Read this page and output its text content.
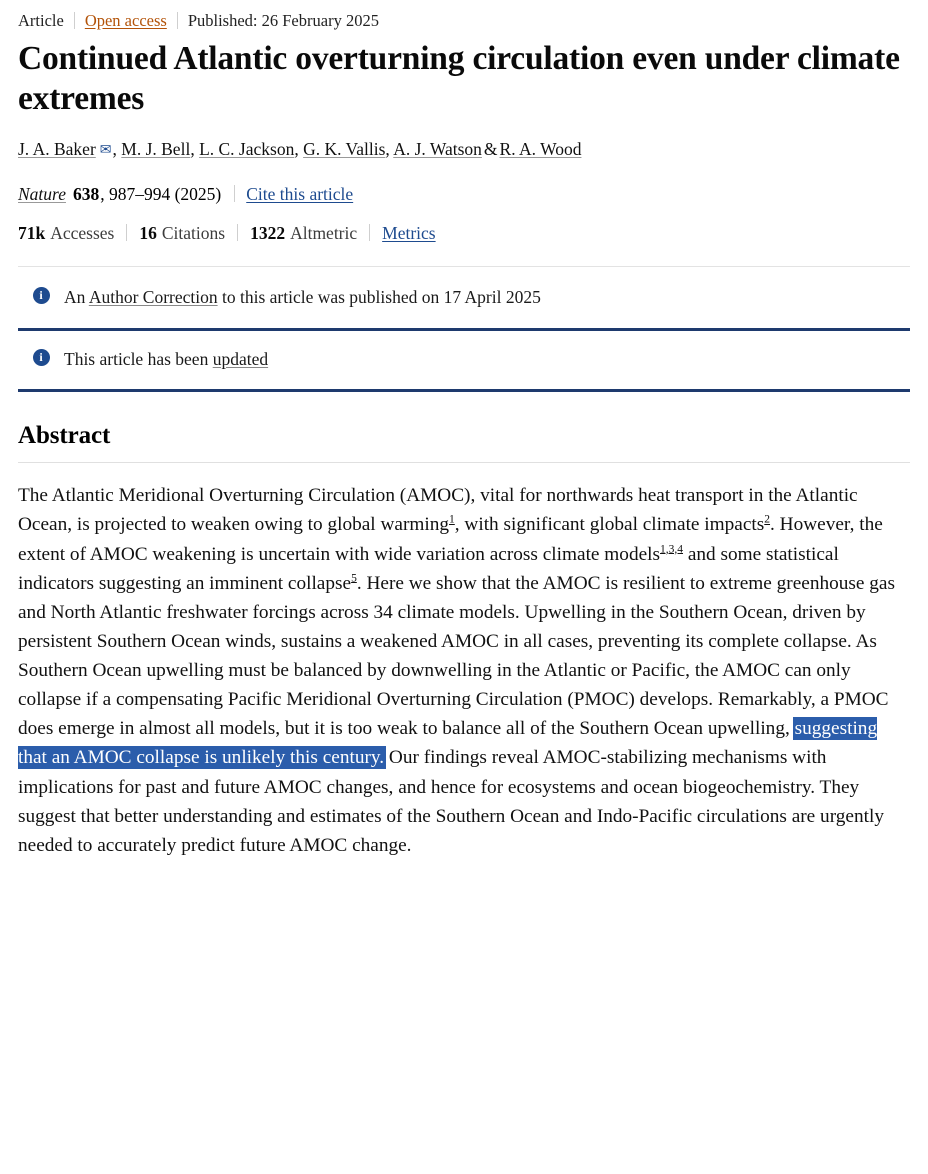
Article Open access Published: 26 February 2025
Continued Atlantic overturning circulation even under climate extremes
J. A. Baker ✉, M. J. Bell, L. C. Jackson, G. K. Vallis, A. J. Watson & R. A. Wood
Nature 638 , 987–994 (2025) Cite this article
71k Accesses 16 Citations 1322 Altmetric Metrics
i	An Author Correction to this article was published on 17 April 2025
i	This article has been updated
Abstract
The Atlantic Meridional Overturning Circulation (AMOC), vital for northwards heat transport in the Atlantic Ocean, is projected to weaken owing to global warming$^1$, with significant global climate impacts$^2$. However, the extent of AMOC weakening is uncertain with wide variation across climate models$^{1,3,4}$ and some statistical indicators suggesting an imminent collapse$^5$. Here we show that the AMOC is resilient to extreme greenhouse gas and North Atlantic freshwater forcings across 34 climate models. Upwelling in the Southern Ocean, driven by persistent Southern Ocean winds, sustains a weakened AMOC in all cases, preventing its complete collapse. As Southern Ocean upwelling must be balanced by downwelling in the Atlantic or Pacific, the AMOC can only collapse if a compensating Pacific Meridional Overturning Circulation (PMOC) develops. Remarkably, a PMOC does emerge in almost all models, but it is too weak to balance all of the Southern Ocean upwelling, suggesting that an AMOC collapse is unlikely this century. Our findings reveal AMOC-stabilizing mechanisms with implications for past and future AMOC changes, and hence for ecosystems and ocean biogeochemistry. They suggest that better understanding and estimates of the Southern Ocean and Indo-Pacific circulations are urgently needed to accurately predict future AMOC change.
